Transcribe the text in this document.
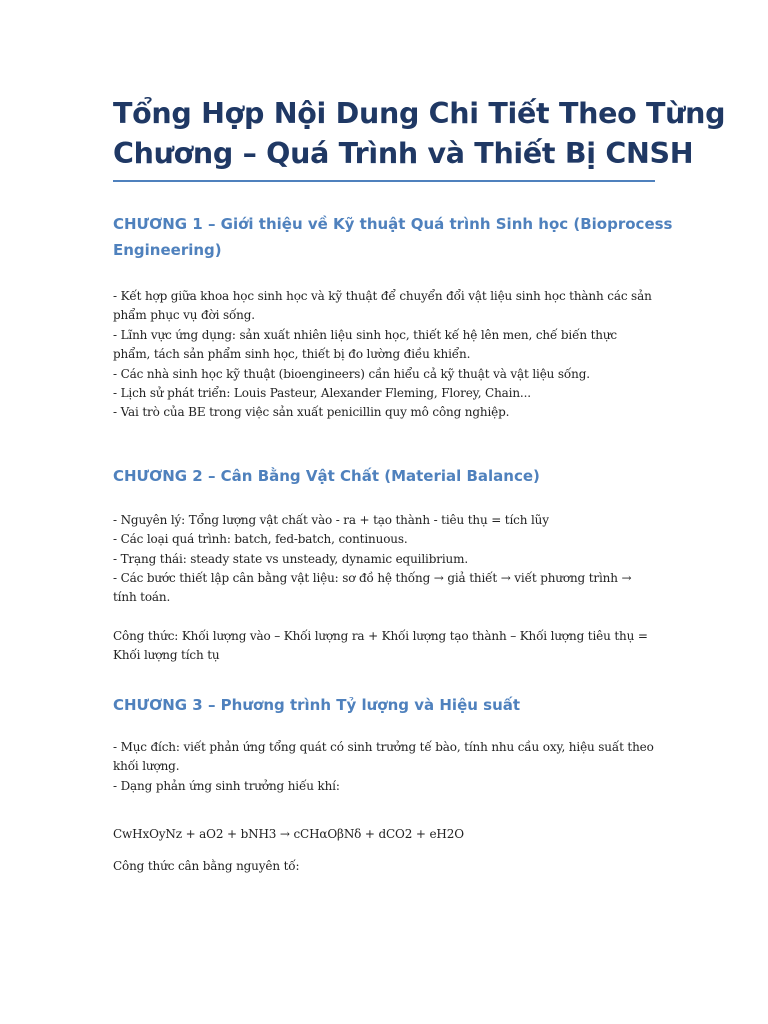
Tổng Hợp Nội Dung Chi Tiết Theo Từng
Chương – Quá Trình và Thiết Bị CNSH
CHƯƠNG 1 – Giới thiệu về Kỹ thuật Quá trình Sinh học (Bioprocess
Engineering)

- Kết hợp giữa khoa học sinh học và kỹ thuật để chuyển đổi vật liệu sinh học thành các sản
phẩm phục vụ đời sống.
- Lĩnh vực ứng dụng: sản xuất nhiên liệu sinh học, thiết kế hệ lên men, chế biến thực
phẩm, tách sản phẩm sinh học, thiết bị đo lường điều khiển.
- Các nhà sinh học kỹ thuật (bioengineers) cần hiểu cả kỹ thuật và vật liệu sống.
- Lịch sử phát triển: Louis Pasteur, Alexander Fleming, Florey, Chain...
- Vai trò của BE trong việc sản xuất penicillin quy mô công nghiệp.

CHƯƠNG 2 – Cân Bằng Vật Chất (Material Balance)

- Nguyên lý: Tổng lượng vật chất vào - ra + tạo thành - tiêu thụ = tích lũy
- Các loại quá trình: batch, fed-batch, continuous.
- Trạng thái: steady state vs unsteady, dynamic equilibrium.
- Các bước thiết lập cân bằng vật liệu: sơ đồ hệ thống → giả thiết → viết phương trình →
tính toán.

Công thức: Khối lượng vào – Khối lượng ra + Khối lượng tạo thành – Khối lượng tiêu thụ =
Khối lượng tích tụ

CHƯƠNG 3 – Phương trình Tỷ lượng và Hiệu suất

- Mục đích: viết phản ứng tổng quát có sinh trưởng tế bào, tính nhu cầu oxy, hiệu suất theo
khối lượng.
- Dạng phản ứng sinh trưởng hiếu khí:

CwHxOyNz + aO2 + bNH3 → cCHαOβNδ + dCO2 + eH2O

Công thức cân bằng nguyên tố:
